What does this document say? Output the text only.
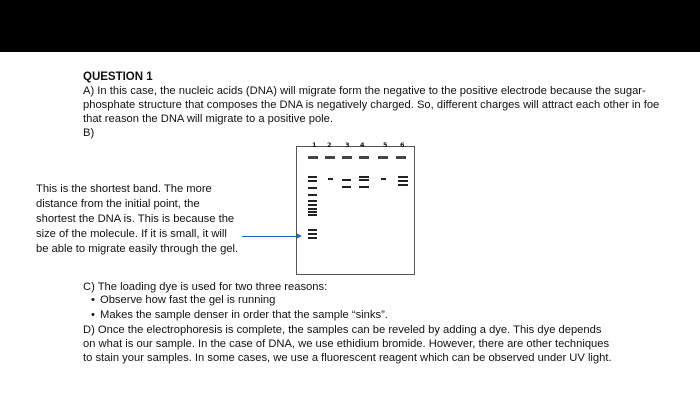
QUESTION 1

A) In this case, the nucleic acids (DNA) will migrate form the negative to the positive electrode because the sugar-phosphate structure that composes the DNA is negatively charged. So, different charges will attract each other in foe that reason the DNA will migrate to a positive pole.

B)

This is the shortest band. The more distance from the initial point, the shortest the DNA is. This is because the size of the molecule. If it is small, it will be able to migrate easily through the gel.

1 2 3 4	5 6

C) The loading dye is used for two three reasons:

• Observe how fast the gel is running
• Makes the sample denser in order that the sample “sinks”.

D) Once the electrophoresis is complete, the samples can be reveled by adding a dye. This dye depends on what is our sample. In the case of DNA, we use ethidium bromide. However, there are other techniques to stain your samples. In some cases, we use a fluorescent reagent which can be observed under UV light.
